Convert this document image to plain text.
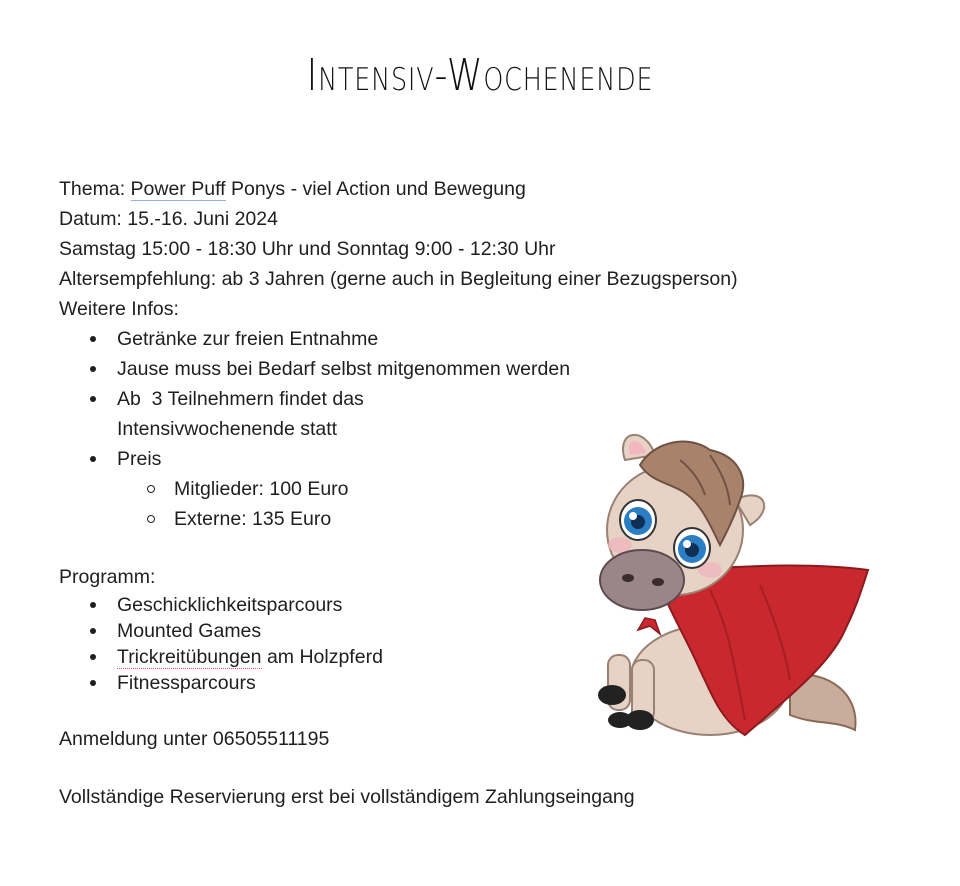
Intensiv-Wochenende
Thema: Power Puff Ponys - viel Action und Bewegung
Datum: 15.-16. Juni 2024
Samstag 15:00 - 18:30 Uhr und Sonntag 9:00 - 12:30 Uhr
Altersempfehlung: ab 3 Jahren (gerne auch in Begleitung einer Bezugsperson)
Weitere Infos:
Getränke zur freien Entnahme
Jause muss bei Bedarf selbst mitgenommen werden
Ab  3 Teilnehmern findet das
Intensivwochenende statt
Preis
Mitglieder: 100 Euro
Externe: 135 Euro
Programm:
Geschicklichkeitsparcours
Mounted Games
Trickreitübungen am Holzpferd
Fitnessparcours
Anmeldung unter 06505511195
Vollständige Reservierung erst bei vollständigem Zahlungseingang
